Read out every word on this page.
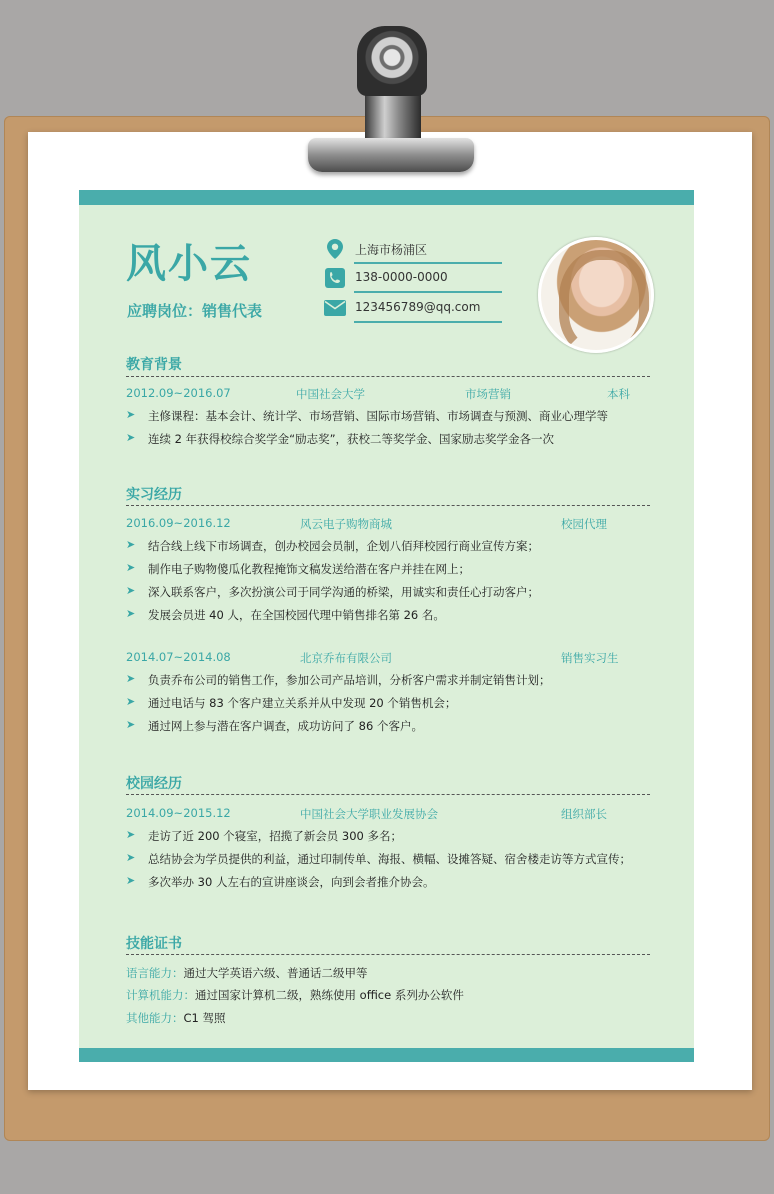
风小云
应聘岗位：销售代表
上海市杨浦区
138-0000-0000
123456789@qq.com
教育背景
2012.09~2016.07	中国社会大学	市场营销	本科
➤ 主修课程：基本会计、统计学、市场营销、国际市场营销、市场调查与预测、商业心理学等
➤ 连续 2 年获得校综合奖学金“励志奖”，获校二等奖学金、国家励志奖学金各一次
实习经历
2016.09~2016.12	风云电子购物商城	校园代理
➤ 结合线上线下市场调查，创办校园会员制，企划八佰拜校园行商业宣传方案；
➤ 制作电子购物傻瓜化教程掩饰文稿发送给潜在客户并挂在网上；
➤ 深入联系客户，多次扮演公司于同学沟通的桥梁，用诚实和责任心打动客户；
➤ 发展会员进 40 人，在全国校园代理中销售排名第 26 名。
2014.07~2014.08	北京乔布有限公司	销售实习生
➤ 负责乔布公司的销售工作，参加公司产品培训，分析客户需求并制定销售计划；
➤ 通过电话与 83 个客户建立关系并从中发现 20 个销售机会；
➤ 通过网上参与潜在客户调查，成功访问了 86 个客户。
校园经历
2014.09~2015.12	中国社会大学职业发展协会	组织部长
➤ 走访了近 200 个寝室，招揽了新会员 300 多名；
➤ 总结协会为学员提供的利益，通过印制传单、海报、横幅、设摊答疑、宿舍楼走访等方式宣传；
➤ 多次举办 30 人左右的宣讲座谈会，向到会者推介协会。
技能证书
语言能力：通过大学英语六级、普通话二级甲等
计算机能力：通过国家计算机二级，熟练使用 office 系列办公软件
其他能力：C1 驾照
